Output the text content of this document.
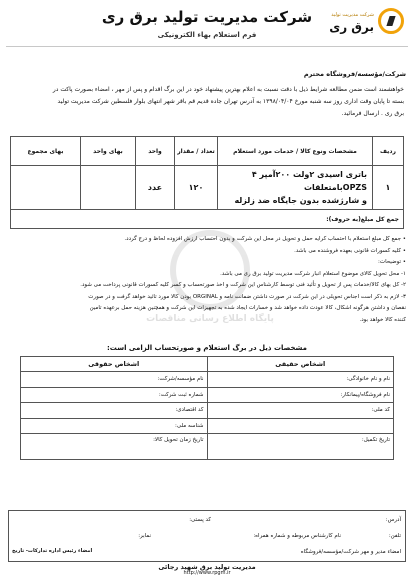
شرکت مدیریت تولید
برق ری
شرکت مدیریت تولید برق ری
فرم استعلام بهاء الکترونیکی
پایگاه اطلاع رسانی مناقصات
شرکت/مؤسسه/فروشگاه محترم
خواهشمند است ضمن مطالعه شرایط ذیل با دقت نسبت به اعلام بهترین پیشنهاد خود در این برگ اقدام و پس از مهر ، امضاء بصورت پاکت در
بسته تا پایان وقت اداری روز سه شنبه مورخ ۱۳۹۸/۰۴/۰۴ به آدرس تهران جاده قدیم قم باقر شهر انتهای بلوار فلسطین شرکت مدیریت تولید
برق ری . ارسال فرمائید.
ردیف	مشخصات ونوع کالا / خدمات مورد استعلام	تعداد / مقدار	واحد	بهای واحد	بهای مجموع
۱	باتری اسیدی ۲ولت ۲۰۰آمپر ۴ OPZSبامتعلقات
و شارژشده بدون جایگاه ضد زلزله	۱۲۰	عدد		
جمع کل مبلغ(به حروف):					
• جمع کل مبلغ استعلام با احتساب کرایه حمل و تحویل در محل این شرکت و بدون احتساب ارزش افزوده لحاظ و درج گردد.
• کلیه کسورات قانونی بعهده فروشنده می باشد.
• توضیحات:
۱- محل تحویل کالای موضوع استعلام انبار شرکت مدیریت تولید برق ری می باشد.
۲- کل بهای کالا/خدمات پس از تحویل و تأئید فنی توسط کارشناس این شرکت و اخذ صورتحساب و کسر کلیه کسورات قانونی پرداخت می شود.
۳- لازم به ذکر است اجناس تحویلی در این شرکت در صورت داشتن ضمانت نامه و ORGINAL بودن کالا مورد تائید خواهد گرفت و در صورت
نقصان و داشتن هرگونه اشکال، کالا عودت داده خواهد شد و خسارات ایجاد شده به تجهیزات این شرکت و همچنین هزینه حمل برعهده تامین
کننده کالا خواهد بود.
مشخصات ذیل در برگ استعلام و صورتحساب الزامی است:
اشخاص حقیقی	اشخاص حقوقی
نام و نام خانوادگی:	نام مؤسسه/شرکت:
نام فروشگاه/پیمانکار:	شماره ثبت شرکت:
کد ملی:	کد اقتصادی:
	شناسه ملی:
تاریخ تکمیل:	تاریخ زمان تحویل کالا:
آدرس:
کد پستی:
تلفن:
نام کارشناس مربوطه و شماره همراه:
نمابر:
امضاء مدیر و مهر شرکت/مؤسسه/فروشگاه
امضاء رئیس اداره تدارکات- تاریخ
مدیریت تولید برق شهید رجائی
http://www.rpgm.ir
